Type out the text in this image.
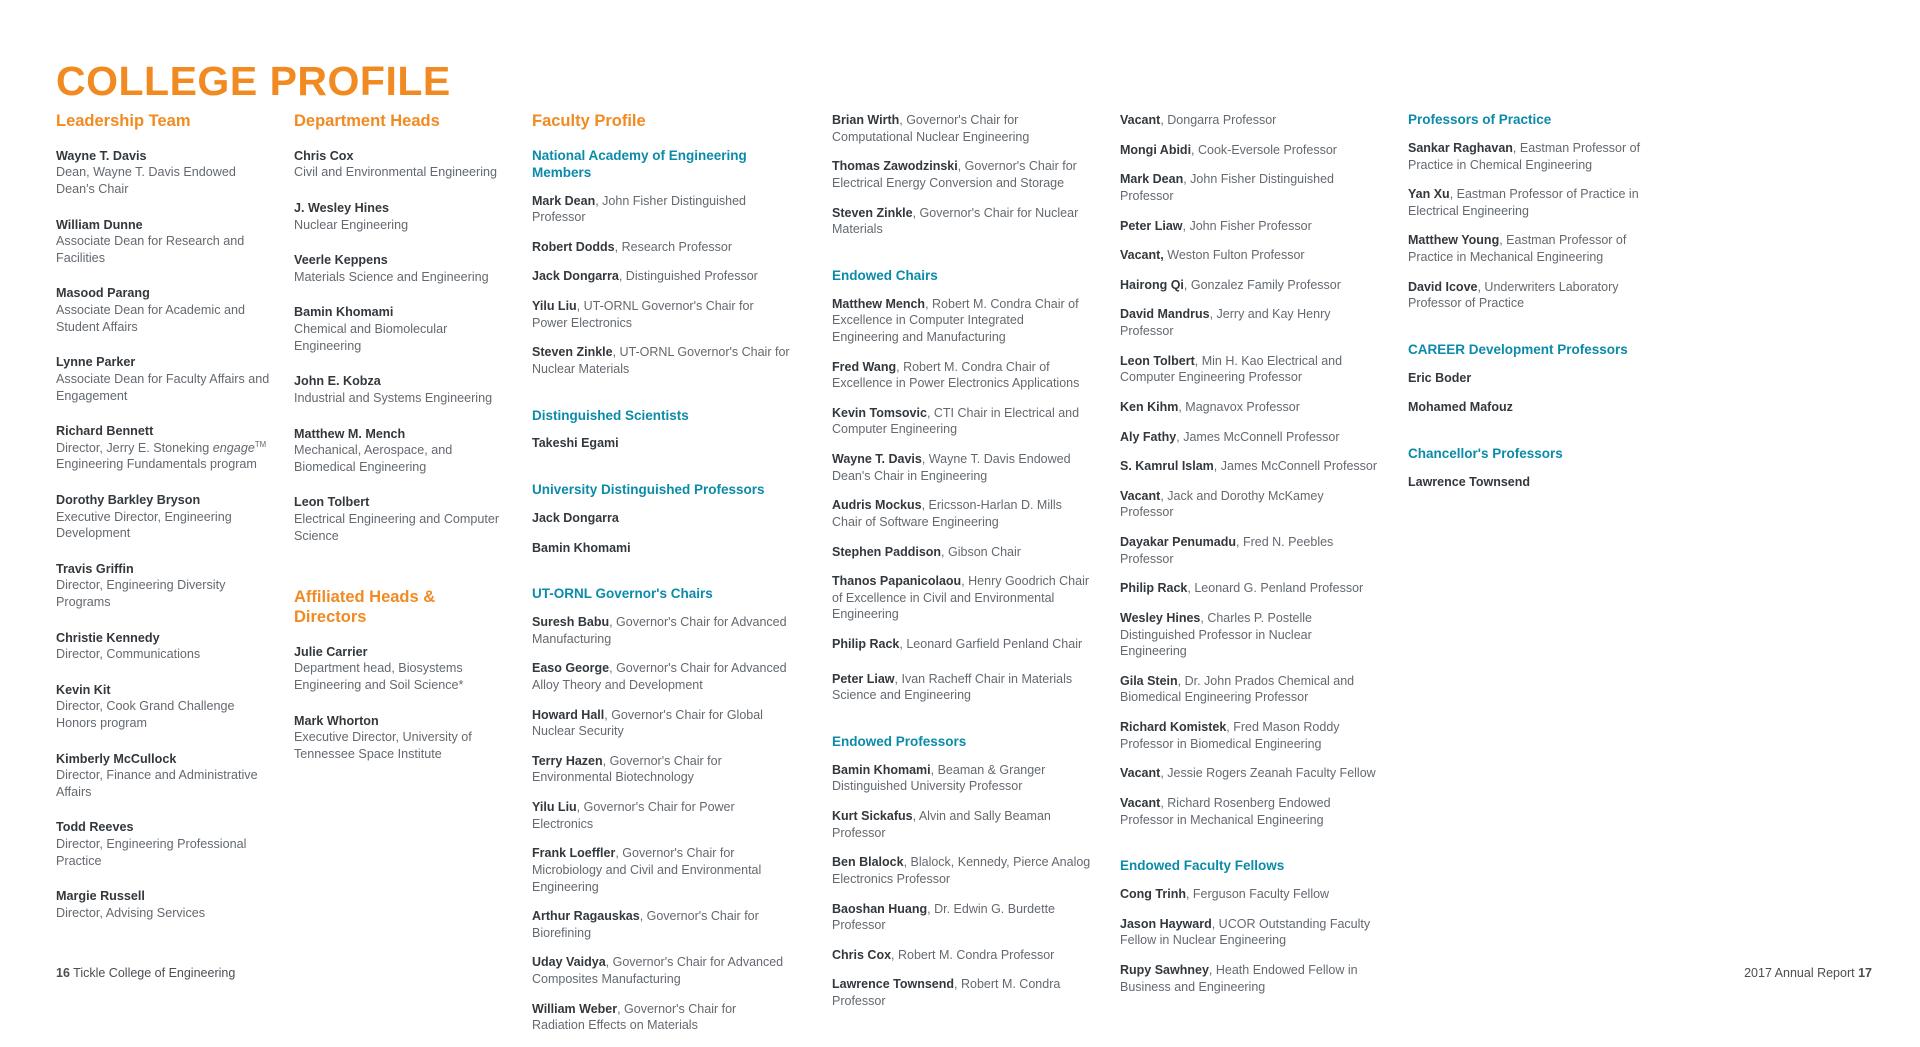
COLLEGE PROFILE
Leadership Team
Wayne T. Davis
Dean, Wayne T. Davis Endowed Dean's Chair
William Dunne
Associate Dean for Research and Facilities
Masood Parang
Associate Dean for Academic and Student Affairs
Lynne Parker
Associate Dean for Faculty Affairs and Engagement
Richard Bennett
Director, Jerry E. Stoneking engage™ Engineering Fundamentals program
Dorothy Barkley Bryson
Executive Director, Engineering Development
Travis Griffin
Director, Engineering Diversity Programs
Christie Kennedy
Director, Communications
Kevin Kit
Director, Cook Grand Challenge Honors program
Kimberly McCullock
Director, Finance and Administrative Affairs
Todd Reeves
Director, Engineering Professional Practice
Margie Russell
Director, Advising Services
Department Heads
Chris Cox
Civil and Environmental Engineering
J. Wesley Hines
Nuclear Engineering
Veerle Keppens
Materials Science and Engineering
Bamin Khomami
Chemical and Biomolecular Engineering
John E. Kobza
Industrial and Systems Engineering
Matthew M. Mench
Mechanical, Aerospace, and Biomedical Engineering
Leon Tolbert
Electrical Engineering and Computer Science
Affiliated Heads & Directors
Julie Carrier
Department head, Biosystems Engineering and Soil Science*
Mark Whorton
Executive Director, University of Tennessee Space Institute
Faculty Profile
National Academy of Engineering Members
Mark Dean, John Fisher Distinguished Professor
Robert Dodds, Research Professor
Jack Dongarra, Distinguished Professor
Yilu Liu, UT-ORNL Governor's Chair for Power Electronics
Steven Zinkle, UT-ORNL Governor's Chair for Nuclear Materials
Distinguished Scientists
Takeshi Egami
University Distinguished Professors
Jack Dongarra
Bamin Khomami
UT-ORNL Governor's Chairs
Suresh Babu, Governor's Chair for Advanced Manufacturing
Easo George, Governor's Chair for Advanced Alloy Theory and Development
Howard Hall, Governor's Chair for Global Nuclear Security
Terry Hazen, Governor's Chair for Environmental Biotechnology
Yilu Liu, Governor's Chair for Power Electronics
Frank Loeffler, Governor's Chair for Microbiology and Civil and Environmental Engineering
Arthur Ragauskas, Governor's Chair for Biorefining
Uday Vaidya, Governor's Chair for Advanced Composites Manufacturing
William Weber, Governor's Chair for Radiation Effects on Materials
Brian Wirth, Governor's Chair for Computational Nuclear Engineering
Thomas Zawodzinski, Governor's Chair for Electrical Energy Conversion and Storage
Steven Zinkle, Governor's Chair for Nuclear Materials
Endowed Chairs
Matthew Mench, Robert M. Condra Chair of Excellence in Computer Integrated Engineering and Manufacturing
Fred Wang, Robert M. Condra Chair of Excellence in Power Electronics Applications
Kevin Tomsovic, CTI Chair in Electrical and Computer Engineering
Wayne T. Davis, Wayne T. Davis Endowed Dean's Chair in Engineering
Audris Mockus, Ericsson-Harlan D. Mills Chair of Software Engineering
Stephen Paddison, Gibson Chair
Thanos Papanicolaou, Henry Goodrich Chair of Excellence in Civil and Environmental Engineering
Philip Rack, Leonard Garfield Penland Chair
Peter Liaw, Ivan Racheff Chair in Materials Science and Engineering
Endowed Professors
Bamin Khomami, Beaman & Granger Distinguished University Professor
Kurt Sickafus, Alvin and Sally Beaman Professor
Ben Blalock, Blalock, Kennedy, Pierce Analog Electronics Professor
Baoshan Huang, Dr. Edwin G. Burdette Professor
Chris Cox, Robert M. Condra Professor
Lawrence Townsend, Robert M. Condra Professor
Vacant, Dongarra Professor
Mongi Abidi, Cook-Eversole Professor
Mark Dean, John Fisher Distinguished Professor
Peter Liaw, John Fisher Professor
Vacant, Weston Fulton Professor
Hairong Qi, Gonzalez Family Professor
David Mandrus, Jerry and Kay Henry Professor
Leon Tolbert, Min H. Kao Electrical and Computer Engineering Professor
Ken Kihm, Magnavox Professor
Aly Fathy, James McConnell Professor
S. Kamrul Islam, James McConnell Professor
Vacant, Jack and Dorothy McKamey Professor
Dayakar Penumadu, Fred N. Peebles Professor
Philip Rack, Leonard G. Penland Professor
Wesley Hines, Charles P. Postelle Distinguished Professor in Nuclear Engineering
Gila Stein, Dr. John Prados Chemical and Biomedical Engineering Professor
Richard Komistek, Fred Mason Roddy Professor in Biomedical Engineering
Vacant, Jessie Rogers Zeanah Faculty Fellow
Vacant, Richard Rosenberg Endowed Professor in Mechanical Engineering
Endowed Faculty Fellows
Cong Trinh, Ferguson Faculty Fellow
Jason Hayward, UCOR Outstanding Faculty Fellow in Nuclear Engineering
Rupy Sawhney, Heath Endowed Fellow in Business and Engineering
Professors of Practice
Sankar Raghavan, Eastman Professor of Practice in Chemical Engineering
Yan Xu, Eastman Professor of Practice in Electrical Engineering
Matthew Young, Eastman Professor of Practice in Mechanical Engineering
David Icove, Underwriters Laboratory Professor of Practice
CAREER Development Professors
Eric Boder
Mohamed Mafouz
Chancellor's Professors
Lawrence Townsend
16 Tickle College of Engineering	2017 Annual Report 17
